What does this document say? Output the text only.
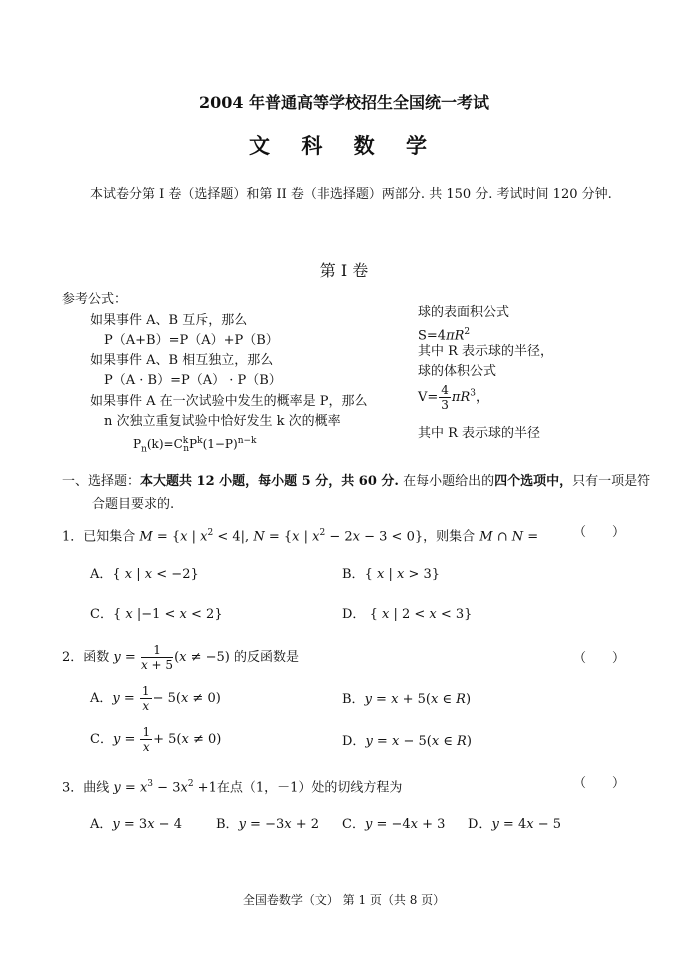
2004 年普通高等学校招生全国统一考试
文 科 数 学
本试卷分第 I 卷（选择题）和第 II 卷（非选择题）两部分. 共 150 分. 考试时间 120 分钟.
第 I 卷
参考公式：
如果事件 A、B 互斥，那么
P（A+B）=P（A）+P（B）
如果事件 A、B 相互独立，那么
P（A · B）=P（A） · P（B）
如果事件 A 在一次试验中发生的概率是 P，那么
n 次独立重复试验中恰好发生 k 次的概率
$P_n(k)=C^k_nP^k(1-P)^{n-k}$
球的表面积公式
$S=4\pi R^2$
其中 R 表示球的半径，
球的体积公式
$V= \frac{4}{3} \pi R^3$，
其中 R 表示球的半径
一、选择题：本大题共 12 小题，每小题 5 分，共 60 分. 在每小题给出的四个选项中，只有一项是符合题目要求的.
1．已知集合 M = {x | $x^2 < 4|$, N = {x | $x^2 - 2x - 3 < 0$}，则集合 M ∩ N =	（　　）
A．{ x | x < −2}	B．{ x | x > 3}
C．{ x |−1 < x < 2}	D． { x | 2 < x < 3}
2．函数 $y = \frac{1}{x + 5} (x \ne -5)$ 的反函数是	（　　）
A．$y = \frac{1}{x} - 5(x \ne 0)$	B．y = x + 5(x ∈ R)
C．$y = \frac{1}{x} + 5(x \ne 0)$	D．y = x − 5(x ∈ R)
3．曲线 $y = x^3 - 3x^2 +1$在点（1，－1）处的切线方程为	（　　）
A．y = 3x − 4	B．y = −3x + 2 C．y = −4x + 3 D．y = 4x − 5
全国卷数学（文） 第 1 页（共 8 页）
